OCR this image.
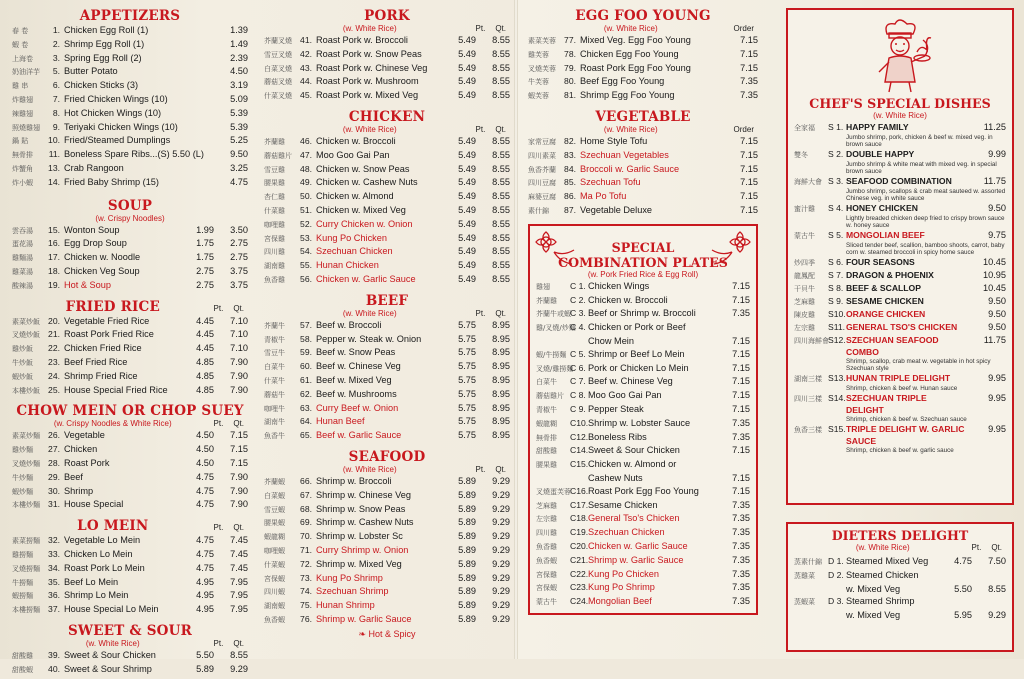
APPETIZERS
春 卷	1. Chicken Egg Roll (1)	1.39
蝦 卷	2. Shrimp Egg Roll (1)	1.49
上海卷	3. Spring Egg Roll (2)	2.39
奶油洋芋	5. Butter Potato	4.50
雞 串	6. Chicken Sticks (3)	3.19
炸雞翅	7. Fried Chicken Wings (10)	5.09
辣雞翅	8. Hot Chicken Wings (10)	5.39
照燒雞翅	9. Teriyaki Chicken Wings (10)	5.39
鍋 貼	10. Fried/Steamed Dumplings	5.25
無骨排	11. Boneless Spare Ribs...(S) 5.50 (L)	9.50
炸蟹角	13. Crab Rangoon	3.25
炸小蝦	14. Fried Baby Shrimp (15)	4.75
SOUP
(w. Crispy Noodles)
雲吞湯	15. Wonton Soup	1.99	3.50
蛋花湯	16. Egg Drop Soup	1.75	2.75
雞麵湯	17. Chicken w. Noodle	1.75	2.75
雞菜湯	18. Chicken Veg Soup	2.75	3.75
酸辣湯	19. Hot & Soup	2.75	3.75
FRIED RICE	Pt. Qt.
素菜炒飯 20. Vegetable Fried Rice	4.45	7.10
叉燒炒飯 21. Roast Pork Fried Rice	4.45	7.10
雞炒飯	22. Chicken Fried Rice	4.45	7.10
牛炒飯	23. Beef Fried Rice	4.85	7.90
蝦炒飯	24. Shrimp Fried Rice	4.85	7.90
本樓炒飯 25. House Special Fried Rice	4.85	7.90
CHOW MEIN OR CHOP SUEY
(w. Crispy Noodles & White Rice)	Pt. Qt.
素菜炒麵 26. Vegetable	4.50	7.15
雞炒麵	27. Chicken	4.50	7.15
叉燒炒麵 28. Roast Pork	4.50	7.15
牛炒麵	29. Beef	4.75	7.90
蝦炒麵	30. Shrimp	4.75	7.90
本樓炒麵 31. House Special	4.75	7.90
LO MEIN	Pt. Qt.
素菜撈麵 32. Vegetable Lo Mein	4.75	7.45
雞撈麵	33. Chicken Lo Mein	4.75	7.45
叉燒撈麵 34. Roast Pork Lo Mein	4.75	7.45
牛撈麵	35. Beef Lo Mein	4.95	7.95
蝦撈麵	36. Shrimp Lo Mein	4.95	7.95
本樓撈麵 37. House Special Lo Mein	4.95	7.95
SWEET & SOUR
(w. White Rice)	Pt. Qt.
甜酸雞	39. Sweet & Sour Chicken	5.50	8.55
甜酸蝦	40. Sweet & Sour Shrimp	5.89	9.29
PORK
(w. White Rice)	Pt. Qt.
芥蘭叉燒 41. Roast Pork w. Broccoli	5.49	8.55
雪豆叉燒 42. Roast Pork w. Snow Peas	5.49	8.55
白菜叉燒 43. Roast Pork w. Chinese Veg	5.49	8.55
蘑菇叉燒 44. Roast Pork w. Mushroom	5.49	8.55
什菜叉燒 45. Roast Pork w. Mixed Veg	5.49	8.55
CHICKEN
(w. White Rice)	Pt. Qt.
芥蘭雞	46. Chicken w. Broccoli	5.49	8.55
蘑菇雞片 47. Moo Goo Gai Pan	5.49	8.55
雪豆雞	48. Chicken w. Snow Peas	5.49	8.55
腰果雞	49. Chicken w. Cashew Nuts	5.49	8.55
杏仁雞	50. Chicken w. Almond	5.49	8.55
什菜雞	51. Chicken w. Mixed Veg	5.49	8.55
咖哩雞	52. Curry Chicken w. Onion	5.49	8.55
宮保雞	53. Kung Po Chicken	5.49	8.55
四川雞	54. Szechuan Chicken	5.49	8.55
湖南雞	55. Hunan Chicken	5.49	8.55
魚香雞	56. Chicken w. Garlic Sauce	5.49	8.55
BEEF
(w. White Rice)	Pt. Qt.
芥蘭牛	57. Beef w. Broccoli	5.75	8.95
青椒牛	58. Pepper w. Steak w. Onion	5.75	8.95
雪豆牛	59. Beef w. Snow Peas	5.75	8.95
白菜牛	60. Beef w. Chinese Veg	5.75	8.95
什菜牛	61. Beef w. Mixed Veg	5.75	8.95
蘑菇牛	62. Beef w. Mushrooms	5.75	8.95
咖哩牛	63. Curry Beef w. Onion	5.75	8.95
湖南牛	64. Hunan Beef	5.75	8.95
魚香牛	65. Beef w. Garlic Sauce	5.75	8.95
SEAFOOD
(w. White Rice)	Pt. Qt.
芥蘭蝦	66. Shrimp w. Broccoli	5.89	9.29
白菜蝦	67. Shrimp w. Chinese Veg	5.89	9.29
雪豆蝦	68. Shrimp w. Snow Peas	5.89	9.29
腰果蝦	69. Shrimp w. Cashew Nuts	5.89	9.29
蝦龍糊	70. Shrimp w. Lobster Sc	5.89	9.29
咖哩蝦	71. Curry Shrimp w. Onion	5.89	9.29
什菜蝦	72. Shrimp w. Mixed Veg	5.89	9.29
宮保蝦	73. Kung Po Shrimp	5.89	9.29
四川蝦	74. Szechuan Shrimp	5.89	9.29
湖南蝦	75. Hunan Shrimp	5.89	9.29
魚香蝦	76. Shrimp w. Garlic Sauce	5.89	9.29
❧ Hot & Spicy
EGG FOO YOUNG
(w. White Rice)	Order
素菜芙蓉 77. Mixed Veg. Egg Foo Young	7.15
雞芙蓉	78. Chicken Egg Foo Young	7.15
叉燒芙蓉 79. Roast Pork Egg Foo Young	7.15
牛芙蓉	80. Beef Egg Foo Young	7.35
蝦芙蓉	81. Shrimp Egg Foo Young	7.35
VEGETABLE
(w. White Rice)	Order
家常豆腐 82. Home Style Tofu	7.15
四川素菜 83. Szechuan Vegetables	7.15
魚香芥蘭 84. Broccoli w. Garlic Sauce	7.15
四川豆腐 85. Szechuan Tofu	7.15
麻婆豆腐 86. Ma Po Tofu	7.15
素什錦	87. Vegetable Deluxe	7.15
SPECIAL
COMBINATION PLATES
(w. Pork Fried Rice & Egg Roll)
雞翅	C 1. Chicken Wings	7.15
芥蘭雞	C 2. Chicken w. Broccoli	7.15
芥蘭牛或蝦 C 3. Beef or Shrimp w. Broccoli	7.35
雞/叉燒/炒麵
C 4. Chicken or Pork or Beef
Chow Mein	7.15
蝦/牛撈麵 C 5. Shrimp or Beef Lo Mein	7.15
叉燒/雞撈麵
C 6. Pork or Chicken Lo Mein	7.15
白菜牛	C 7. Beef w. Chinese Veg	7.15
蘑菇雞片 C 8. Moo Goo Gai Pan	7.15
青椒牛	C 9. Pepper Steak	7.15
蝦龍糊	C10. Shrimp w. Lobster Sauce	7.35
無骨排	C12. Boneless Ribs	7.35
甜酸雞	C14. Sweet & Sour Chicken	7.15
腰果雞	C15. Chicken w. Almond or
Cashew Nuts	7.15
叉燒蛋芙蓉 C16. Roast Pork Egg Foo Young	7.15
芝麻雞	C17. Sesame Chicken	7.35
左宗雞	C18. General Tso's Chicken	7.35
四川雞	C19. Szechuan Chicken	7.35
魚香雞	C20. Chicken w. Garlic Sauce	7.35
魚香蝦	C21. Shrimp w. Garlic Sauce	7.35
宮保雞	C22. Kung Po Chicken	7.35
宮保蝦	C23. Kung Po Shrimp	7.35
蒙古牛	C24. Mongolian Beef	7.35
CHEF'S SPECIAL DISHES
(w. White Rice)
全家福	S 1. HAPPY FAMILY	11.25
Jumbo shrimp, pork, chicken & beef w. mixed veg. in brown sauce
雙冬	S 2. DOUBLE HAPPY	9.99
Jumbo shrimp & white meat with mixed veg. in special brown sauce
海鮮大會 S 3. SEAFOOD COMBINATION	11.75
Jumbo shrimp, scallops & crab meat sauteed w. assorted Chinese veg. in white sauce
蜜汁雞	S 4. HONEY CHICKEN	9.50
Lightly breaded chicken deep fried to crispy brown sauce w. honey sauce
蒙古牛	S 5. MONGOLIAN BEEF	9.75
Sliced tender beef, scallion, bamboo shoots, carrot, baby corn w. steamed broccoli in spicy home sauce
炒四季	S 6. FOUR SEASONS	10.45
龍鳳配	S 7. DRAGON & PHOENIX	10.95
干貝牛	S 8. BEEF & SCALLOP	10.45
芝麻雞	S 9. SESAME CHICKEN	9.50
陳皮雞	S10. ORANGE CHICKEN	9.50
左宗雞	S11. GENERAL TSO'S CHICKEN	9.50
四川海鮮會 S12. SZECHUAN SEAFOOD COMBO
11.75
Shrimp, scallop, crab meat w. vegetable in hot spicy Szechuan style
湖南三樣 S13. HUNAN TRIPLE DELIGHT	9.95
Shrimp, chicken & beef w. Hunan sauce
四川三樣 S14. SZECHUAN TRIPLE DELIGHT
9.95
Shrimp, chicken & beef w. Szechuan sauce
魚香三樣 S15. TRIPLE DELIGHT W. GARLIC SAUCE
9.95
Shrimp, chicken & beef w. garlic sauce
DIETERS DELIGHT
(w. White Rice)	Pt. Qt.
蒸素什錦 D 1. Steamed Mixed Veg	4.75	7.50
蒸雞菜	D 2. Steamed Chicken
w. Mixed Veg	5.50	8.55
蒸蝦菜	D 3. Steamed Shrimp
w. Mixed Veg	5.95	9.29
